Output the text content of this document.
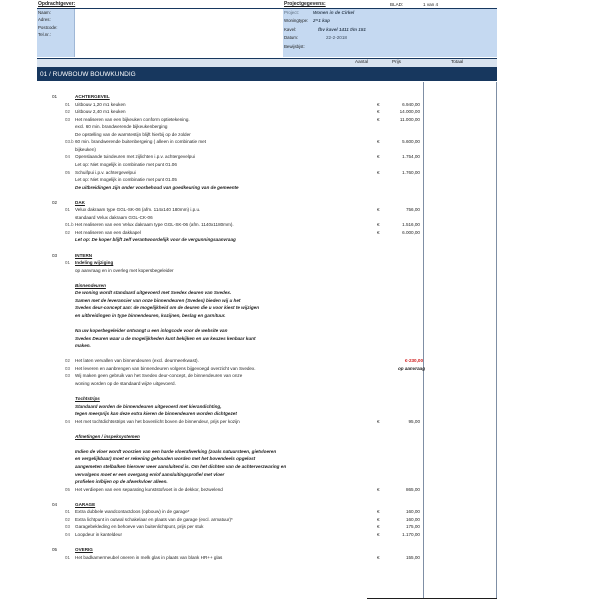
Opdrachtgever:	Projectgegevens:	BLAD:	1 van 4
Naam:
Adres:
Postcode:
Tel.nr.:
Project:	Wonen in de Cirkel
Woningtype: 2^1 kap
Kavel:	fbv kavel 1411 t/m 151
Datum:	22-2-2018
Bewijsbjst:
Aantal	Prijs	Totaal
01 / RUWBOUW BOUWKUNDIG
01	ACHTERGEVEL
01 Uitbouw 1,20 m1 keuken	€	6.940,00
02 Uitbouw 2,40 m1 keuken	€	14.000,00
03 Het realiseren van een bijkeuken conform optietekening.	€	11.000,00
excl. 60 min. brandwerende bijkeukenberging
De opstelling van de warmtestijn blijft hierbij op de zolder
03.b 60 min. brandwerende buitenbergeing ( alleen in combinatie met	€	5.600,00
bijkeuken)
04 Openslaande tuindeuren met zijlichten i.p.v. achtergevelpui	€	1.754,00
Let op: Niet mogelijk in combinatie met punt 01.06
05 Schuifpui i.p.v. achtergevelpui	€	1.760,00
Let op: Niet mogelijk in combinatie met punt 01.05
De uitbreidingen zijn onder voorbehoud van goedkeuring van de gemeente
02	DAK
01 Velux dakraam type GGL-SK-06 (afm. 114x140 180mm) i.p.u.	€	756,00
standaard Velux dakraam GGL-CK-06
01.b Het realiseren van een Velux dakraam type GGL-SK-06 (afm. 1140x1180mm).	€	1.516,00
02 Het realiseren van een dakkapel	€	6.000,00
Let op: De koper blijft zelf verantwoordelijk voor de vergunningsaanvraag
03	INTERN
01 Indeling wijziging
op aanvraag en in overleg met kopersbegeleider
Binnendeuren
De woning wordt standaard uitgevoerd met Svedex deuren van Svedex.
Samen met de leverancier van onze binnendeuren (Svedex) bieden wij u het
Svedex deur-concept aan: de mogelijkheid om de deuren die u voor kiest te wijzigen
en uitbreidingen in type binnendeuren, kozijnen, beslag en garnituur.
Na uw koperbegeleider ontvangt u een inlogcode voor de website van
Svedex Deuren waar u de mogelijkheden kunt bekijken en uw keuzes kenbaar kunt
maken.
02 Het laten vervallen van binnendeuren (excl. deurmeerkwast).	€-230,00
03 Het leveren en aanbrengen van binnendeuren volgens bijgevoegd overzicht van Svedex.	op aanvraag
03 Wij maken geen gebruik van het Svedex deur-concept, de binnendeuren van onze
woning worden op de standaard wijze uitgevoerd.
Tochtstrips
Standaard worden de binnendeuren uitgevoerd met kierandichting,
tegen meerprijs kan deze extra kieren de binnendeuren worden dichtgezet
04 Het met tochtdichtsstrips van het bovenlicht boven de binnendeur, prijs per kozijn	€	95,00
Afmetingen / inspeksystemen
Indien de vloer wordt voorzien van een harde vloerafwerking (zoals natuursteen, gietvloeren
en vergelijkbaar) moet er rekening gehouden worden met het bovendeels opgelost
aangemeten stelbalken hierover weer aansluitend is. Om het dichten van de achterverzwaring en
vervolgens moet er een overgang en/of aansluitingsprofiel met vloer
profielen in/bijen op de afwerkvloer alleen.
05 Het verdiepen van een separating kunststofvoet in de dekkor, bezwelend	€	865,00
04	GARAGE
01 Extra dubbele wandcontactdoos (opbouw) in de garage*	€	160,00
02 Extra lichtpunt in outwal schakelaar en plaats van de garage (excl. armatuur)*	€	160,00
03 Garagebekleding en behoeve van buitenlichtpunt, prijs per stuk	€	175,00
04 Loopdeur in kanteldeur	€	1.170,00
05	OVERIG
01 Het badkamermeubel oneren in melk glas in plaats van blank HR++ glas	€	155,00
